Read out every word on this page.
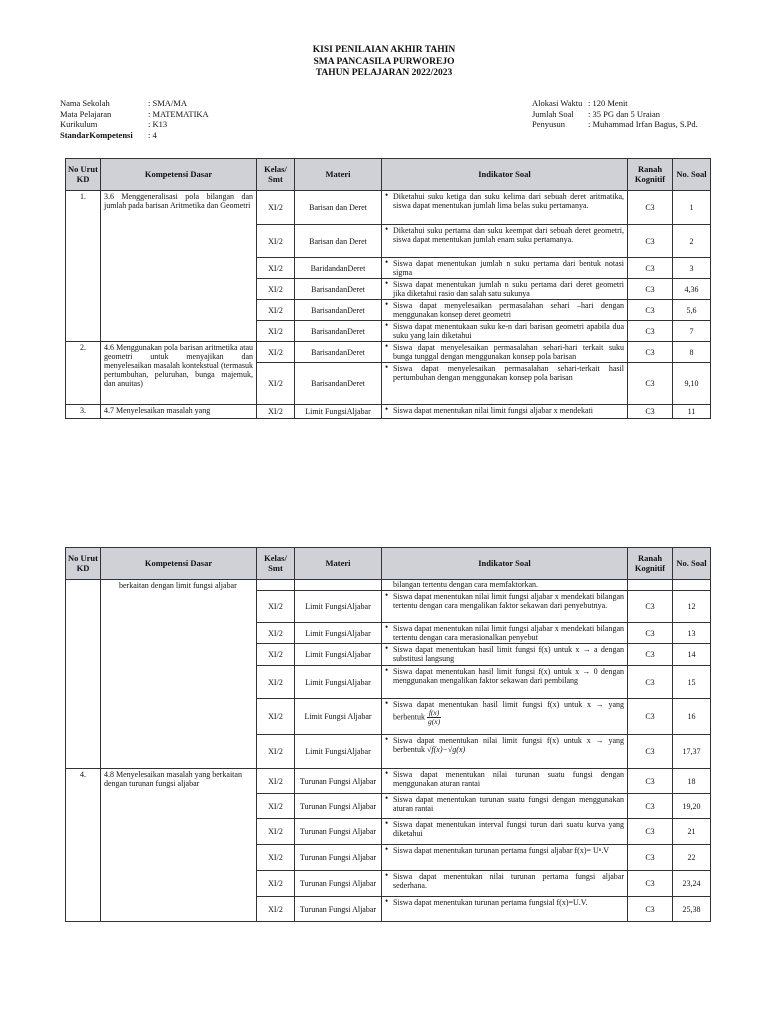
KISI PENILAIAN AKHIR TAHIN
SMA PANCASILA PURWOREJO
TAHUN PELAJARAN 2022/2023
Nama Sekolah	: SMA/MA
Mata Pelajaran	: MATEMATIKA
Kurikulum	: K13
StandarKompetensi	: 4
Alokasi Waktu : 120 Menit
Jumlah Soal	: 35 PG dan 5 Uraian
Penyusun	: Muhammad Irfan Bagus, S.Pd.
No Urut KD	Kompetensi Dasar	Kelas/ Smt	Materi	Indikator Soal	Ranah Kognitif	No. Soal
1.	3.6 Menggeneralisasi pola bilangan dan jumlah pada barisan Aritmetika dan Geometri	XI/2	Barisan dan Deret	• Diketahui suku ketiga dan suku kelima dari sebuah deret aritmatika, siswa dapat menentukan jumlah lima belas suku pertamanya.	C3	1
		XI/2	Barisan dan Deret	• Diketahui suku pertama dan suku keempat dari sebuah deret geometri, siswa dapat menentukan jumlah enam suku pertamanya.	C3	2
		XI/2	BaridandanDeret	• Siswa dapat menentukan jumlah n suku pertama dari bentuk notasi sigma	C3	3
		XI/2	BarisandanDeret	• Siswa dapat menentukan jumlah n suku pertama dari deret geometri jika diketahui rasio dan salah satu sukunya	C3	4,36
		XI/2	BarisandanDeret	• Siswa dapat menyelesaikan permasalahan sehari –hari dengan menggunakan konsep deret geometri	C3	5,6
		XI/2	BarisandanDeret	• Siswa dapat menentukaan suku ke-n dari barisan geometri apabila dua suku yang lain diketahui	C3	7
2.	4.6 Menggunakan pola barisan aritmetika atau geometri untuk menyajikan dan menyelesaikan masalah kontekstual (termasuk pertumbuhan, peluruhan, bunga majemuk, dan anuitas)	XI/2	BarisandanDeret	• Siswa dapat menyelesaikan permasalahan sehari-hari terkait suku bunga tunggal dengan menggunakan konsep pola barisan	C3	8
		XI/2	BarisandanDeret	• Siswa dapat menyelesaikan permasalahan sehari-terkait hasil pertumbuhan dengan menggunakan konsep pola barisan	C3	9,10
3.	4.7 Menyelesaikan masalah yang	XI/2	Limit FungsiAljabar	• Siswa dapat menentukan nilai limit fungsi aljabar x mendekati	C3	11
No Urut KD	Kompetensi Dasar	Kelas/ Smt	Materi	Indikator Soal	Ranah Kognitif	No. Soal
	berkaitan dengan limit fungsi aljabar			bilangan tertentu dengan cara memfaktorkan.		
		XI/2	Limit FungsiAljabar	• Siswa dapat menentukan nilai limit fungsi aljabar x mendekati bilangan tertentu dengan cara mengalikan faktor sekawan dari penyebutnya.	C3	12
		XI/2	Limit FungsiAljabar	• Siswa dapat menentukan nilai limit fungsi aljabar x mendekati bilangan tertentu dengan cara merasionalkan penyebut	C3	13
		XI/2	Limit FungsiAljabar	• Siswa dapat menentukan hasil limit fungsi f(x) untuk x → a dengan substitusi langsung	C3	14
		XI/2	Limit FungsiAljabar	• Siswa dapat menentukan hasil limit fungsi f(x) untuk x → 0 dengan menggunakan mengalikan faktor sekawan dari pembilang	C3	15
		XI/2	Limit Fungsi Aljabar	• Siswa dapat menentukan hasil limit fungsi f(x) untuk x → yang berbentuk $\frac{f(x)}{g(x)}$	C3	16
		XI/2	Limit FungsiAljabar	• Siswa dapat menentukan nilai limit fungsi f(x) untuk x → yang berbentuk √f(x)−√g(x)	C3	17,37
4.	4.8 Menyelesaikan masalah yang berkaitan dengan turunan fungsi aljabar	XI/2	Turunan Fungsi Aljabar	• Siswa dapat menentukan nilai turunan suatu fungsi dengan menggunakan aturan rantai	C3	18
		XI/2	Turunan Fungsi Aljabar	• Siswa dapat menentukan turunan suatu fungsi dengan menggunakan aturan rantai	C3	19,20
		XI/2	Turunan Fungsi Aljabar	• Siswa dapat menentukan interval fungsi turun dari suatu kurva yang diketahui	C3	21
		XI/2	Turunan Fungsi Aljabar	• Siswa dapat menentukan turunan pertama fungsi aljabar f(x)= Uⁿ.V	C3	22
		XI/2	Turunan Fungsi Aljabar	• Siswa dapat menentukan nilai turunan pertama fungsi aljabar sederhana.	C3	23,24
		XI/2	Turunan Fungsi Aljabar	• Siswa dapat menentukan turunan pertama fungsial f(x)=U.V.	C3	25,38
